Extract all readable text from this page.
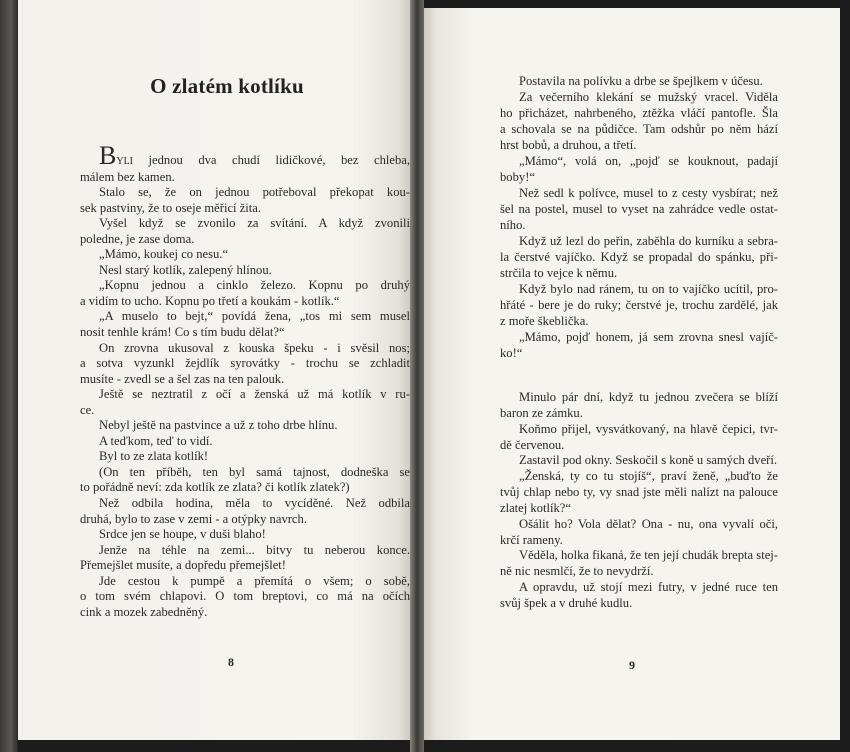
O zlatém kotlíku
BYLI jednou dva chudí lidičkové, bez chleba,
málem bez kamen.
Stalo se, že on jednou potřeboval překopat kou-
sek pastviny, že to oseje měřicí žita.
Vyšel když se zvonilo za svítání. A když zvonili
poledne, je zase doma.
„Mámo, koukej co nesu.“
Nesl starý kotlík, zalepený hlínou.
„Kopnu jednou a cinklo železo. Kopnu po druhý
a vidím to ucho. Kopnu po třetí a koukám - kotlík.“
„A muselo to bejt,“ povídá žena, „tos mi sem musel
nosit tenhle krám! Co s tím budu dělat?“
On zrovna ukusoval z kouska špeku - i svěsil nos;
a sotva vyzunkl žejdlík syrovátky - trochu se zchladit
musíte - zvedl se a šel zas na ten palouk.
Ještě se neztratil z očí a ženská už má kotlík v ru-
ce.
Nebyl ještě na pastvince a už z toho drbe hlínu.
A teďkom, teď to vidí.
Byl to ze zlata kotlík!
(On ten příběh, ten byl samá tajnost, dodneška se
to pořádně neví: zda kotlík ze zlata? či kotlík zlatek?)
Než odbila hodina, měla to vycíděné. Než odbila
druhá, bylo to zase v zemi - a otýpky navrch.
Srdce jen se houpe, v duši blaho!
Jenže na téhle na zemi... bitvy tu neberou konce.
Přemejšlet musíte, a dopředu přemejšlet!
Jde cestou k pumpě a přemítá o všem; o sobě,
o tom svém chlapovi. O tom breptovi, co má na očích
cink a mozek zabedněný.
8
Postavila na polívku a drbe se špejlkem v účesu.
Za večerního klekání se mužský vracel. Viděla
ho přicházet, nahrbeného, ztěžka vláčí pantofle. Šla
a schovala se na půdičce. Tam odshůr po něm hází
hrst bobů, a druhou, a třetí.
„Mámo“, volá on, „pojď se kouknout, padají
boby!“
Než sedl k polívce, musel to z cesty vysbírat; než
šel na postel, musel to vyset na zahrádce vedle ostat-
ního.
Když už lezl do peřin, zaběhla do kurníku a sebra-
la čerstvé vajíčko. Když se propadal do spánku, při-
strčila to vejce k němu.
Když bylo nad ránem, tu on to vajíčko ucítil, pro-
hřáté - bere je do ruky; čerstvé je, trochu zardělé, jak
z moře škeblička.
„Mámo, pojď honem, já sem zrovna snesl vajíč-
ko!“
Minulo pár dní, když tu jednou zvečera se blíží
baron ze zámku.
Koňmo přijel, vysvátkovaný, na hlavě čepici, tvr-
dě červenou.
Zastavil pod okny. Seskočil s koně u samých dveří.
„Ženská, ty co tu stojíš“, praví ženě, „buďto že
tvůj chlap nebo ty, vy snad jste měli nalízt na palouce
zlatej kotlík?“
Ošálit ho? Vola dělat? Ona - nu, ona vyvalí oči,
krčí rameny.
Věděla, holka fikaná, že ten její chudák brepta stej-
ně nic nesmlčí, že to nevydrží.
A opravdu, už stojí mezi futry, v jedné ruce ten
svůj špek a v druhé kudlu.
9
